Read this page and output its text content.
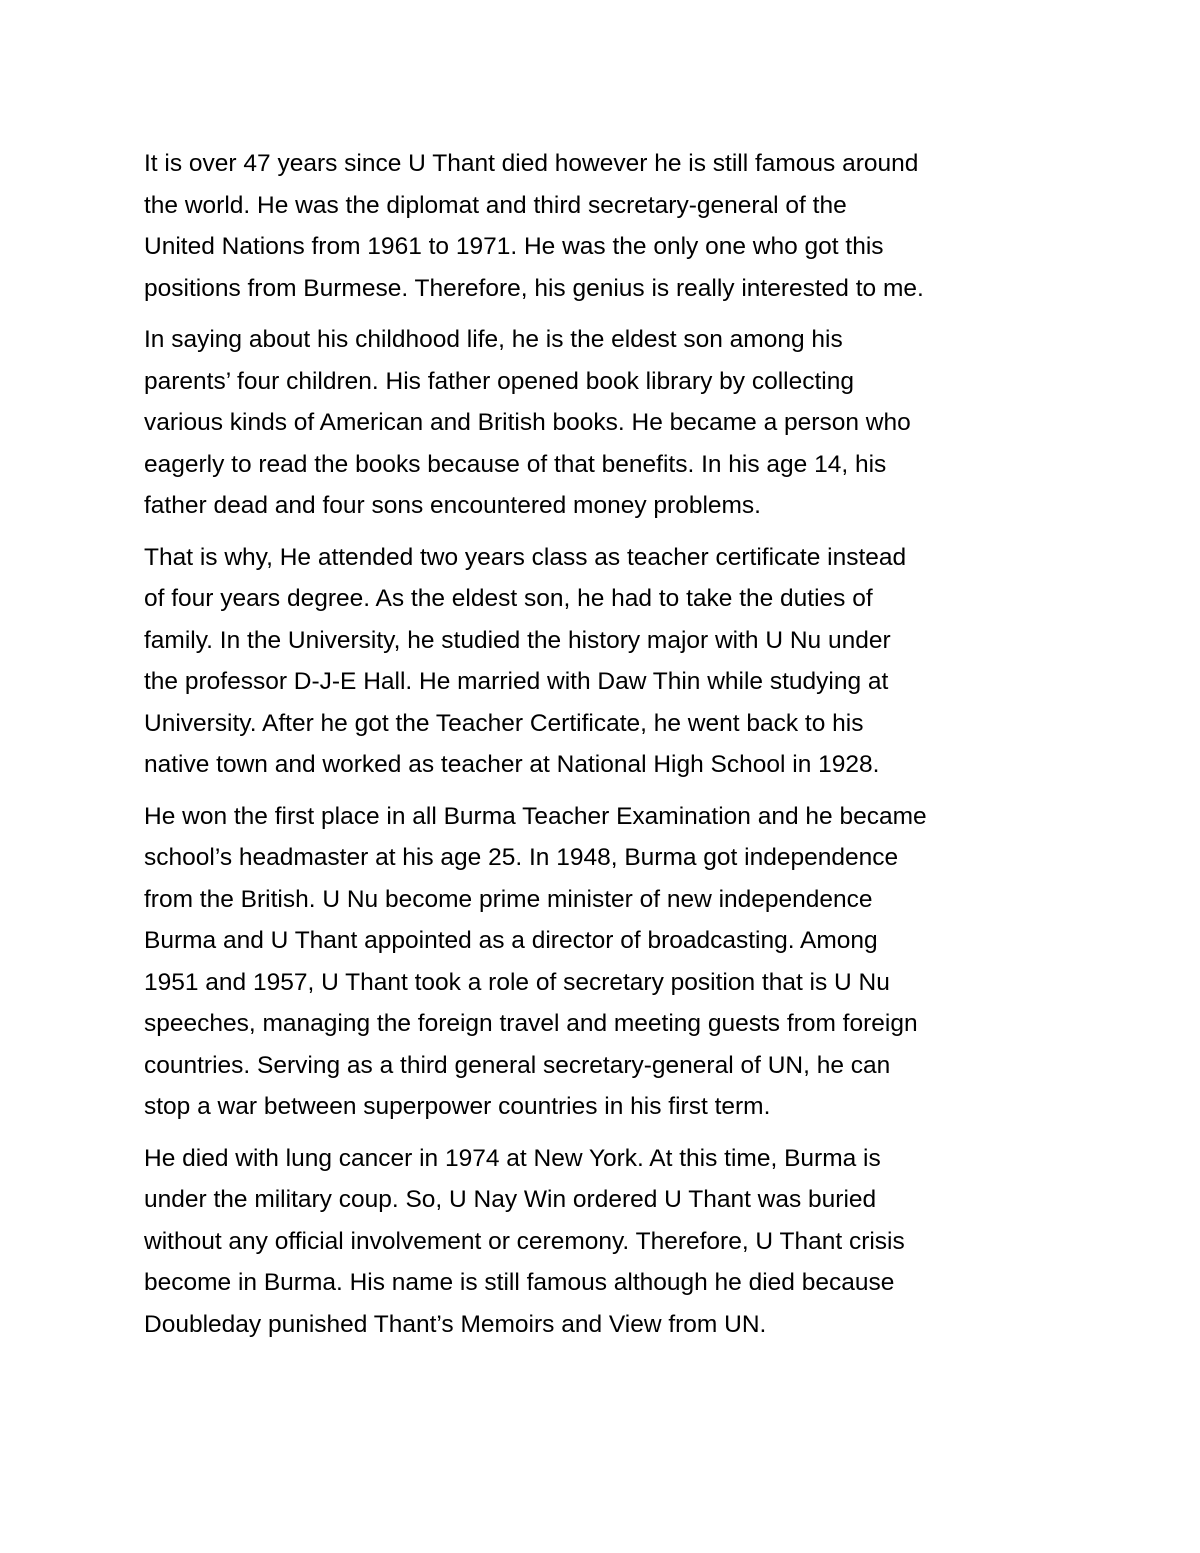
It is over 47 years since U Thant died however he is still famous around
the world. He was the diplomat and third secretary-general of the
United Nations from 1961 to 1971. He was the only one who got this
positions from Burmese. Therefore, his genius is really interested to me.
In saying about his childhood life, he is the eldest son among his
parents’ four children. His father opened book library by collecting
various kinds of American and British books. He became a person who
eagerly to read the books because of that benefits. In his age 14, his
father dead and four sons encountered money problems.
That is why, He attended two years class as teacher certificate instead
of four years degree. As the eldest son, he had to take the duties of
family. In the University, he studied the history major with U Nu under
the professor D-J-E Hall. He married with Daw Thin while studying at
University. After he got the Teacher Certificate, he went back to his
native town and worked as teacher at National High School in 1928.
He won the first place in all Burma Teacher Examination and he became
school’s headmaster at his age 25. In 1948, Burma got independence
from the British. U Nu become prime minister of new independence
Burma and U Thant appointed as a director of broadcasting. Among
1951 and 1957, U Thant took a role of secretary position that is U Nu
speeches, managing the foreign travel and meeting guests from foreign
countries. Serving as a third general secretary-general of UN, he can
stop a war between superpower countries in his first term.
He died with lung cancer in 1974 at New York. At this time, Burma is
under the military coup. So, U Nay Win ordered U Thant was buried
without any official involvement or ceremony. Therefore, U Thant crisis
become in Burma. His name is still famous although he died because
Doubleday punished Thant’s Memoirs and View from UN.
